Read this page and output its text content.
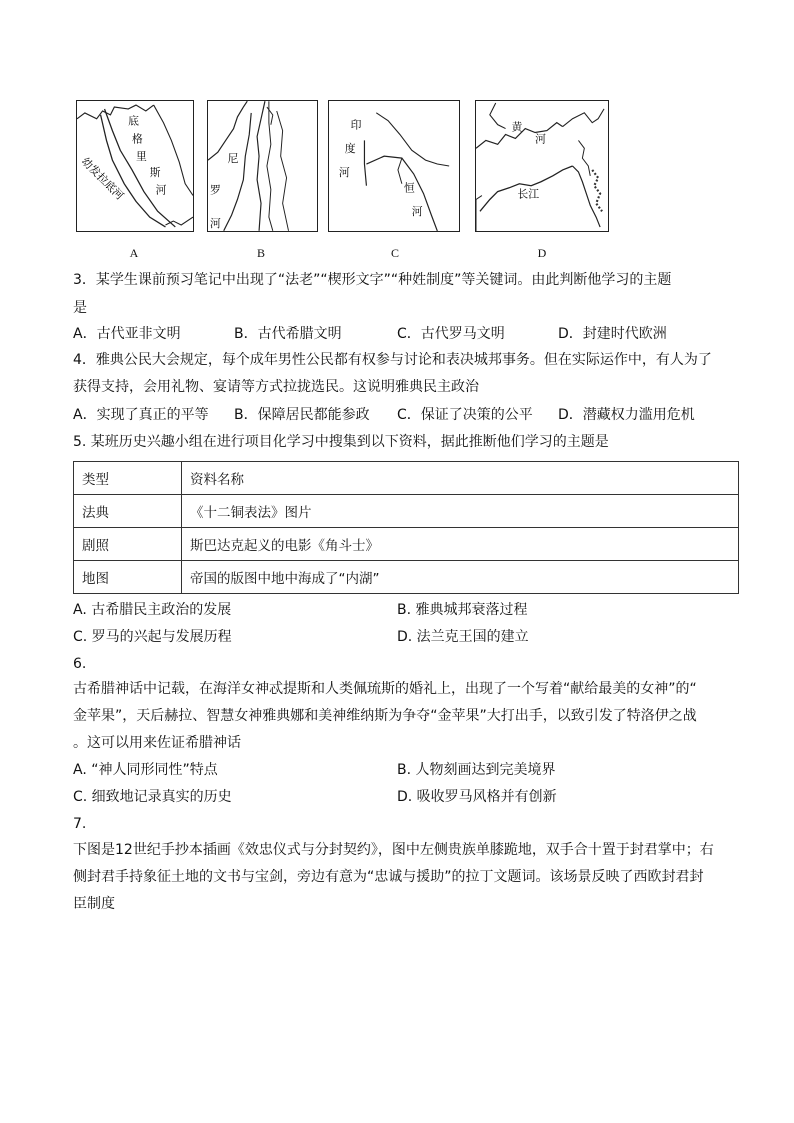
底
格
里
斯
河
幼发拉底河	尼
罗
河
印
度
河
恒
河
黄
河
长江
A	B	C	D
3．某学生课前预习笔记中出现了“法老”“楔形文字”“种姓制度”等关键词。由此判断他学习的主题
是
A．古代亚非文明	B．古代希腊文明	C．古代罗马文明	D．封建时代欧洲
4．雅典公民大会规定，每个成年男性公民都有权参与讨论和表决城邦事务。但在实际运作中，有人为了
获得支持，会用礼物、宴请等方式拉拢选民。这说明雅典民主政治
A．实现了真正的平等 B．保障居民都能参政 C．保证了决策的公平 D．潜藏权力滥用危机
5. 某班历史兴趣小组在进行项目化学习中搜集到以下资料，据此推断他们学习的主题是
类型	资料名称
法典	《十二铜表法》图片
剧照	斯巴达克起义的电影《角斗士》
地图	帝国的版图中地中海成了“内湖”
A. 古希腊民主政治的发展	B. 雅典城邦衰落过程
C. 罗马的兴起与发展历程	D. 法兰克王国的建立
6.
古希腊神话中记载，在海洋女神忒提斯和人类佩琉斯的婚礼上，出现了一个写着“献给最美的女神”的“
金苹果”，天后赫拉、智慧女神雅典娜和美神维纳斯为争夺“金苹果”大打出手，以致引发了特洛伊之战
。这可以用来佐证希腊神话
A. “神人同形同性”特点	B. 人物刻画达到完美境界
C. 细致地记录真实的历史	D. 吸收罗马风格并有创新
7.
下图是12世纪手抄本插画《效忠仪式与分封契约》，图中左侧贵族单膝跪地，双手合十置于封君掌中；右
侧封君手持象征土地的文书与宝剑，旁边有意为“忠诚与援助”的拉丁文题词。该场景反映了西欧封君封
臣制度
